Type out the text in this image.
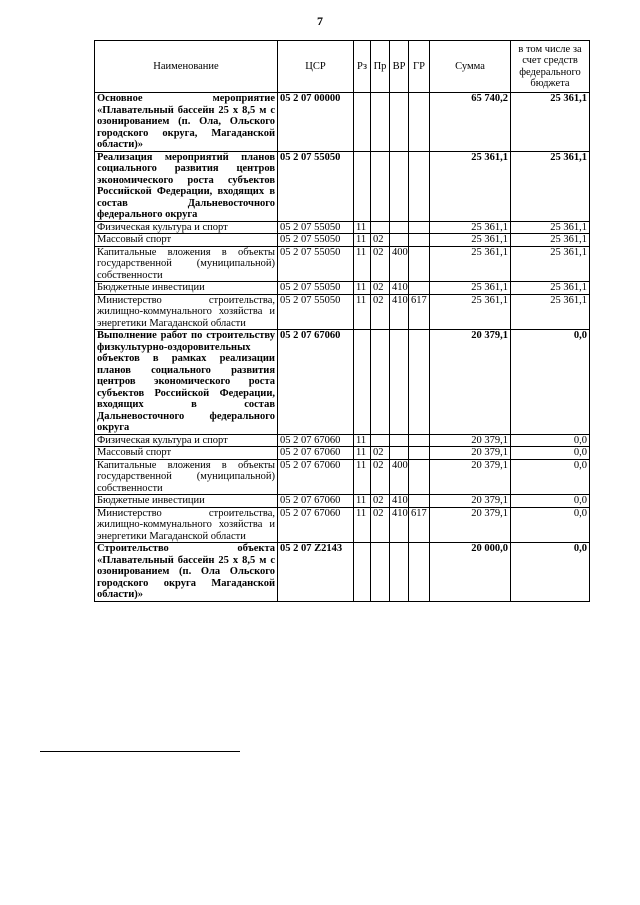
7
Наименование	ЦСР	Рз	Пр	ВР	ГР	Сумма	в том числе за счет средств федерального бюджета
Основное мероприятие «Плавательный бассейн 25 х 8,5 м с озонированием (п. Ола, Ольского городского округа, Магаданской области)»	05 2 07 00000					65 740,2	25 361,1
Реализация мероприятий планов социального развития центров экономического роста субъектов Российской Федерации, входящих в состав Дальневосточного федерального округа	05 2 07 55050					25 361,1	25 361,1
Физическая культура и спорт	05 2 07 55050	11				25 361,1	25 361,1
Массовый спорт	05 2 07 55050	11	02			25 361,1	25 361,1
Капитальные вложения в объекты государственной (муниципальной) собственности	05 2 07 55050	11	02	400		25 361,1	25 361,1
Бюджетные инвестиции	05 2 07 55050	11	02	410		25 361,1	25 361,1
Министерство строительства, жилищно-коммунального хозяйства и энергетики Магаданской области	05 2 07 55050	11	02	410	617	25 361,1	25 361,1
Выполнение работ по строительству физкультурно-оздоровительных объектов в рамках реализации планов социального развития центров экономического роста субъектов Российской Федерации, входящих в состав Дальневосточного федерального округа	05 2 07 67060					20 379,1	0,0
Физическая культура и спорт	05 2 07 67060	11				20 379,1	0,0
Массовый спорт	05 2 07 67060	11	02			20 379,1	0,0
Капитальные вложения в объекты государственной (муниципальной) собственности	05 2 07 67060	11	02	400		20 379,1	0,0
Бюджетные инвестиции	05 2 07 67060	11	02	410		20 379,1	0,0
Министерство строительства, жилищно-коммунального хозяйства и энергетики Магаданской области	05 2 07 67060	11	02	410	617	20 379,1	0,0
Строительство объекта «Плавательный бассейн 25 х 8,5 м с озонированием (п. Ола Ольского городского округа Магаданской области)»	05 2 07 Z2143					20 000,0	0,0
